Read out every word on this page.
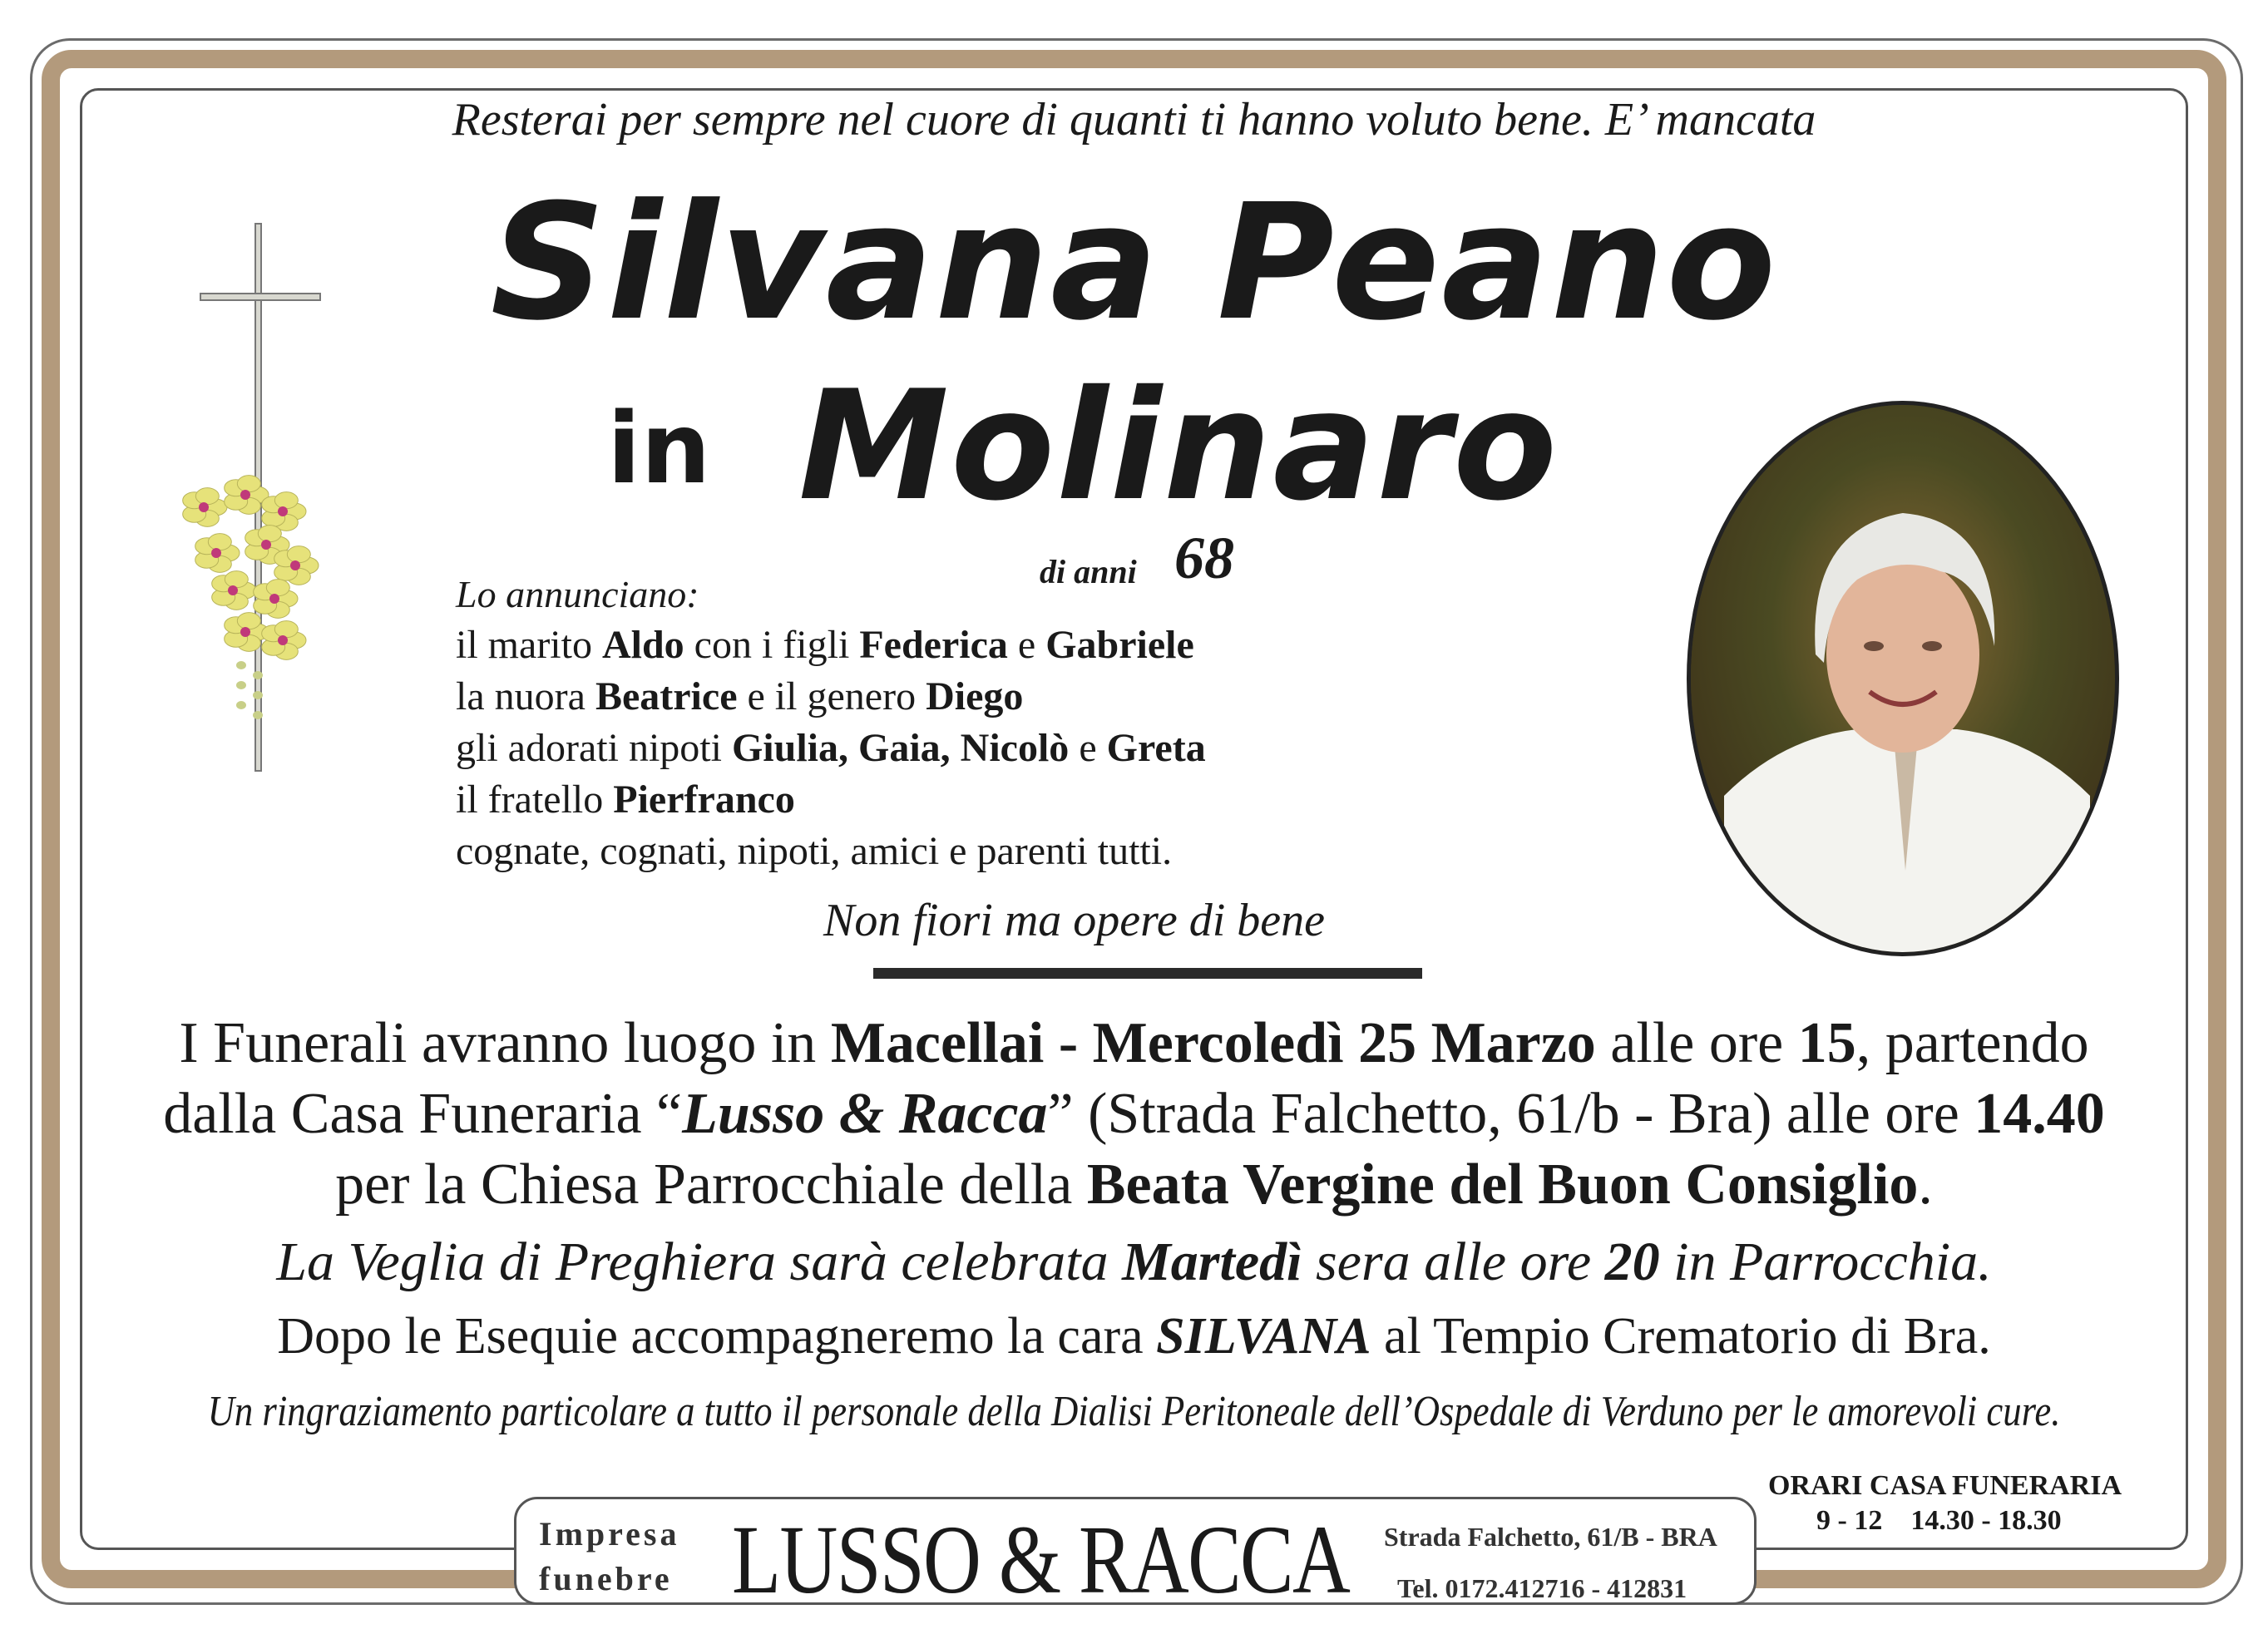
Resterai per sempre nel cuore di quanti ti hanno voluto bene. E’ mancata
Silvana Peano
in Molinaro
di anni 68
Lo annunciano:
il marito Aldo con i figli Federica e Gabriele
la nuora Beatrice e il genero Diego
gli adorati nipoti Giulia, Gaia, Nicolò e Greta
il fratello Pierfranco
cognate, cognati, nipoti, amici e parenti tutti.
Non fiori ma opere di bene
I Funerali avranno luogo in Macellai - Mercoledì 25 Marzo alle ore 15, partendo
dalla Casa Funeraria “Lusso & Racca” (Strada Falchetto, 61/b - Bra) alle ore 14.40
per la Chiesa Parrocchiale della Beata Vergine del Buon Consiglio.
La Veglia di Preghiera sarà celebrata Martedì sera alle ore 20 in Parrocchia.
Dopo le Esequie accompagneremo la cara SILVANA al Tempio Crematorio di Bra.
Un ringraziamento particolare a tutto il personale della Dialisi Peritoneale dell’Ospedale di Verduno per le amorevoli cure.
Impresa
funebre LUSSO & RACCA Strada Falchetto, 61/B - BRA
Tel. 0172.412716 - 412831
ORARI CASA FUNERARIA
9 - 12    14.30 - 18.30
